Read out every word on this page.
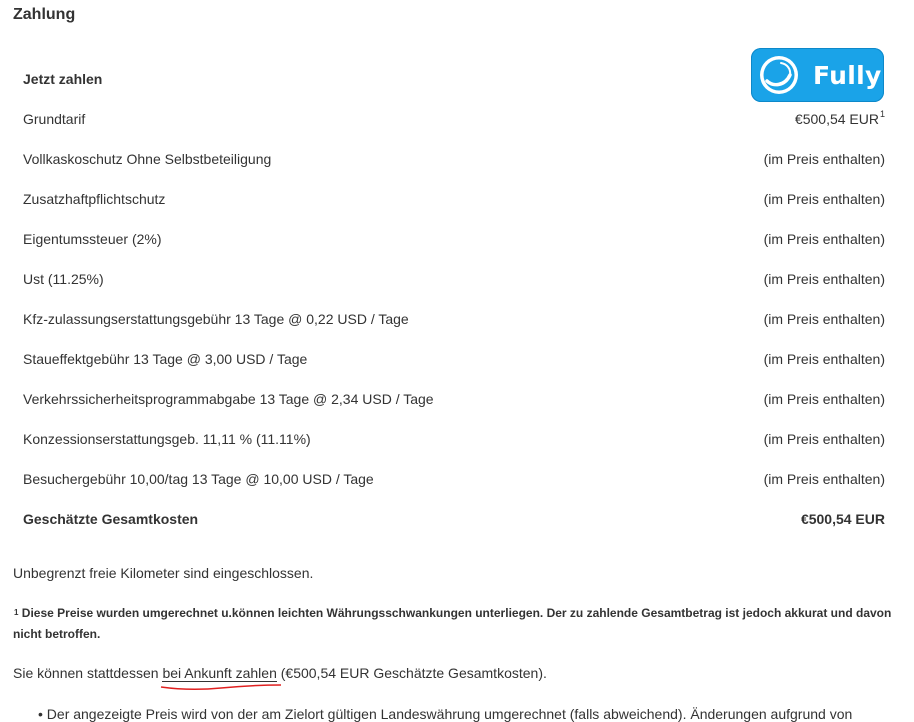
Zahlung
Fully
Jetzt zahlen
Grundtarif	€500,54 EUR$^1$
Vollkaskoschutz Ohne Selbstbeteiligung	(im Preis enthalten)
Zusatzhaftpflichtschutz	(im Preis enthalten)
Eigentumssteuer (2%)	(im Preis enthalten)
Ust (11.25%)	(im Preis enthalten)
Kfz-zulassungserstattungsgebühr 13 Tage @ 0,22 USD / Tage	(im Preis enthalten)
Staueffektgebühr 13 Tage @ 3,00 USD / Tage	(im Preis enthalten)
Verkehrssicherheitsprogrammabgabe 13 Tage @ 2,34 USD / Tage	(im Preis enthalten)
Konzessionserstattungsgeb. 11,11 % (11.11%)	(im Preis enthalten)
Besuchergebühr 10,00/tag 13 Tage @ 10,00 USD / Tage	(im Preis enthalten)
Geschätzte Gesamtkosten	€500,54 EUR

Unbegrenzt freie Kilometer sind eingeschlossen.

$^1$ Diese Preise wurden umgerechnet u.können leichten Währungsschwankungen unterliegen. Der zu zahlende Gesamtbetrag ist jedoch akkurat und davon nicht betroffen.

Sie können stattdessen bei Ankunft zahlen (€500,54 EUR Geschätzte Gesamtkosten).

• Der angezeigte Preis wird von der am Zielort gültigen Landeswährung umgerechnet (falls abweichend). Änderungen aufgrund von
